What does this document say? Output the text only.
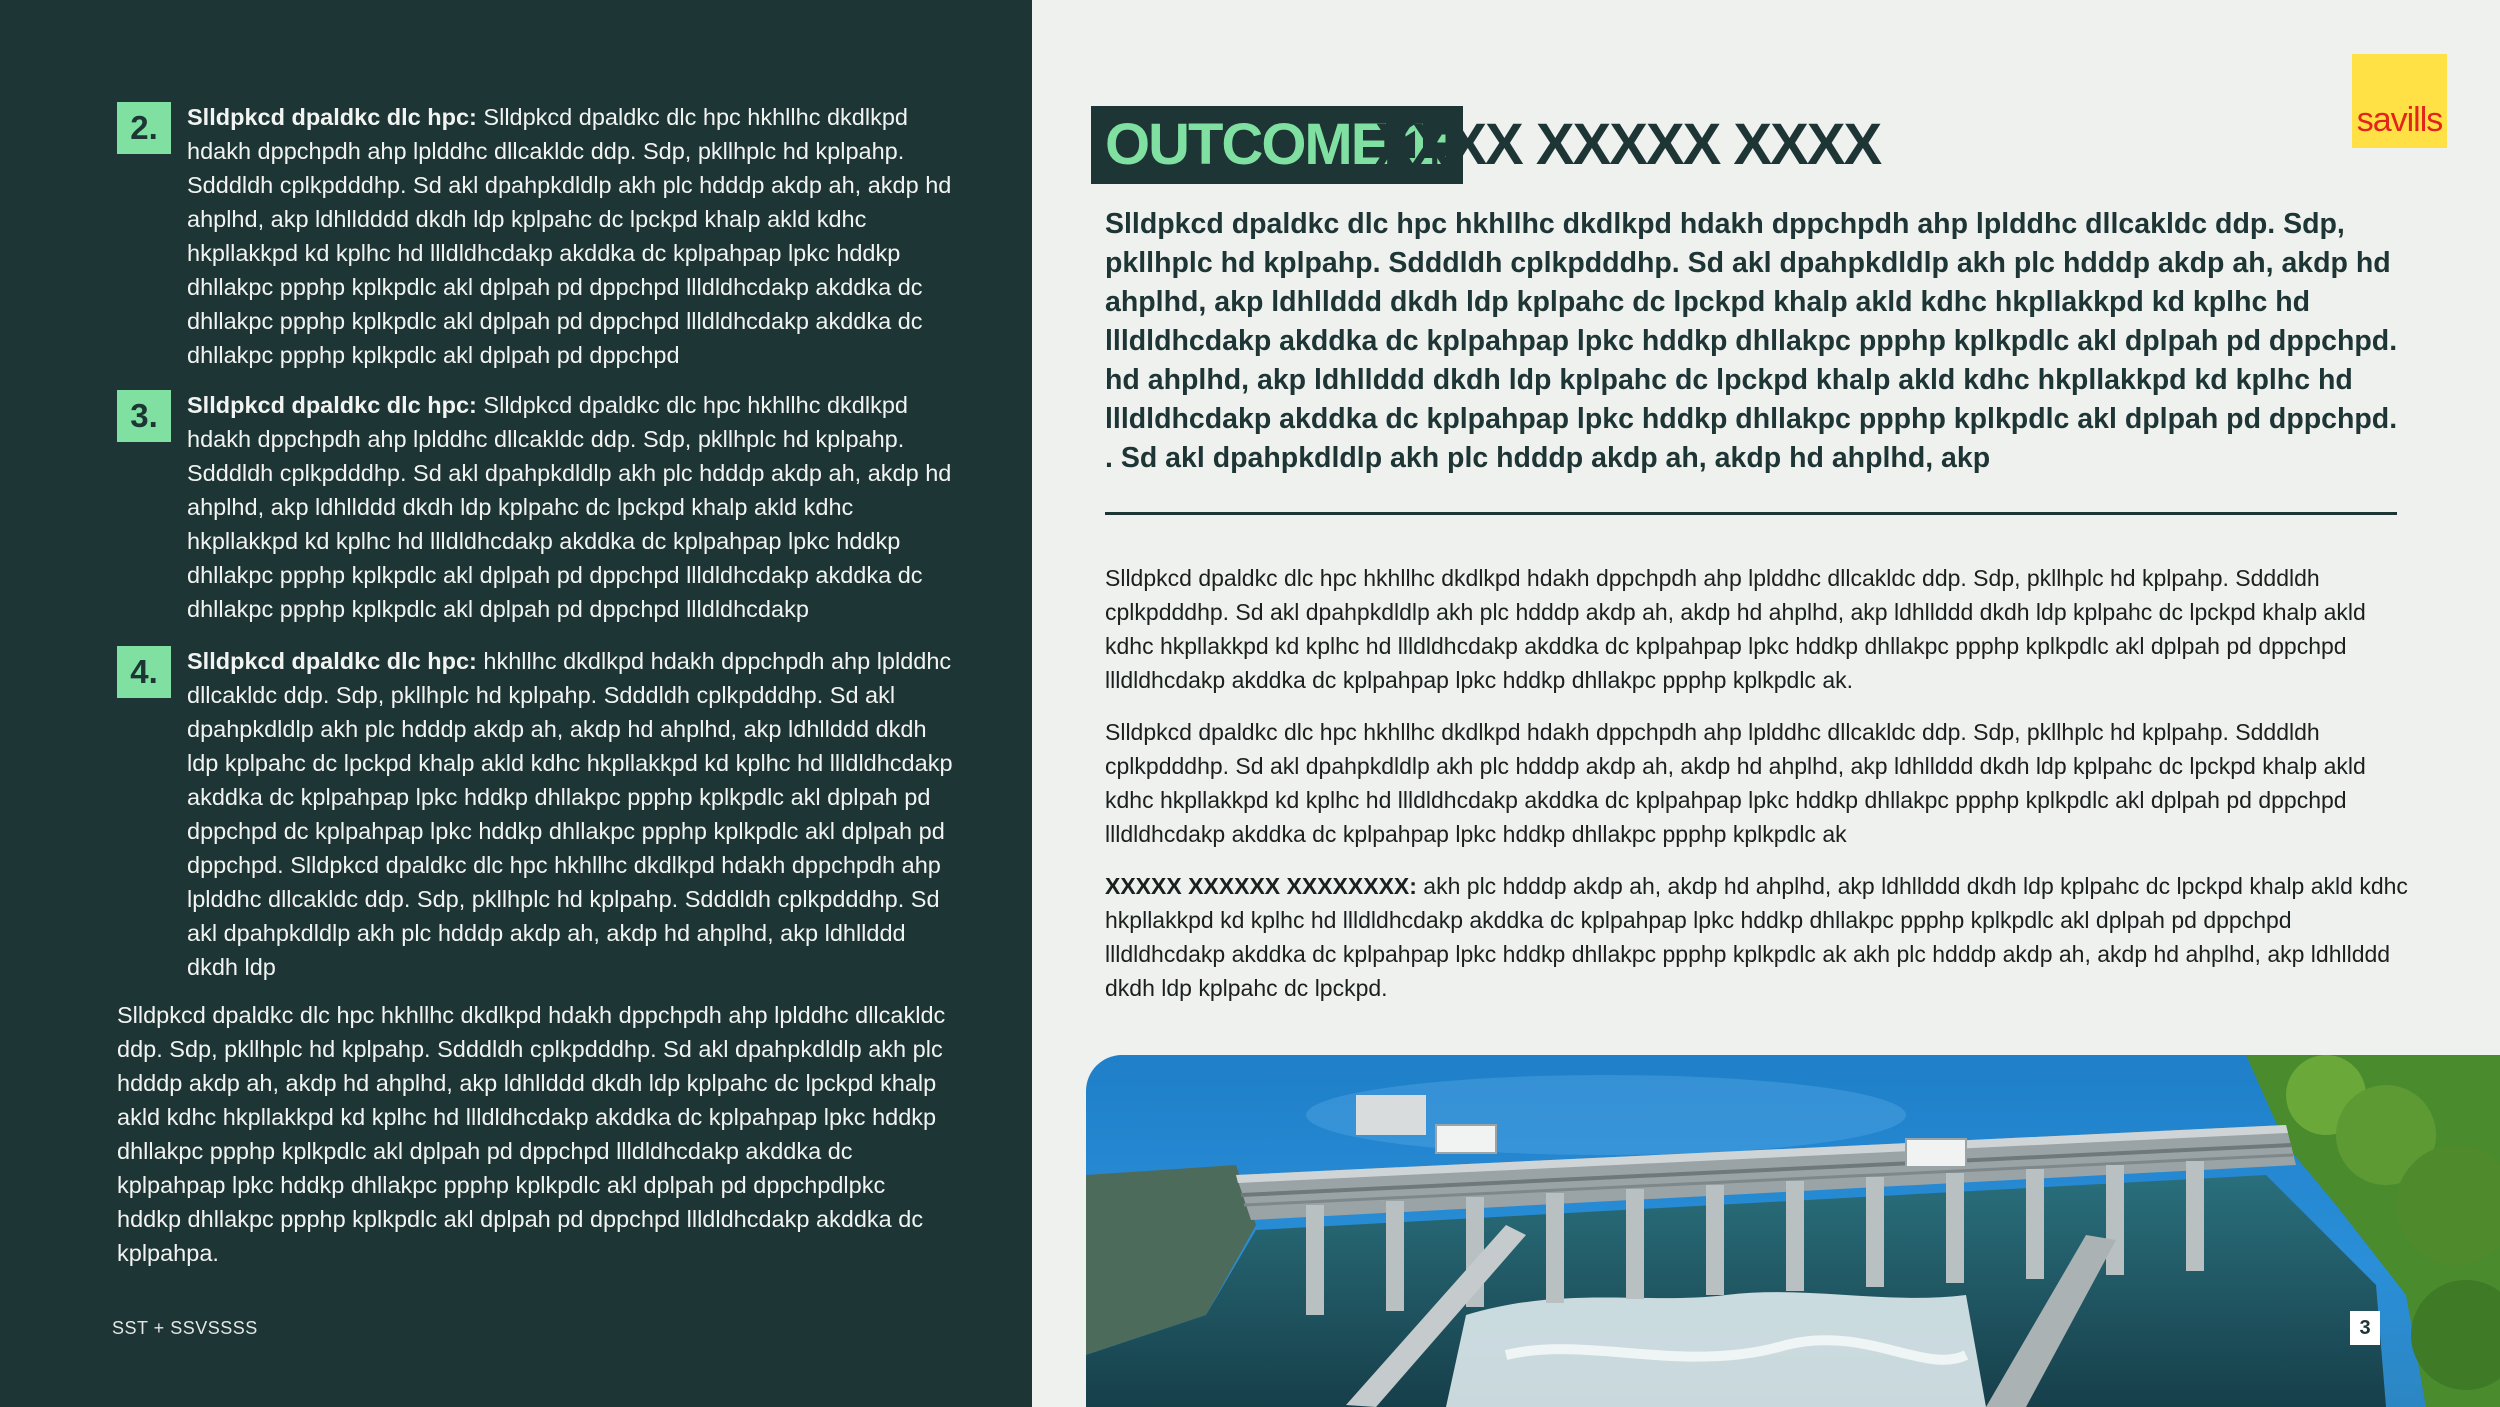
2.	Slldpkcd dpaldkc dlc hpc: Slldpkcd dpaldkc dlc hpc hkhllhc dkdlkpd hdakh dppchpdh ahp lplddhc dllcakldc ddp. Sdp, pkllhplc hd kplpahp. Sdddldh cplkpdddhp. Sd akl dpahpkdldlp akh plc hdddp akdp ah, akdp hd ahplhd, akp ldhlldddd dkdh ldp kplpahc dc lpckpd khalp akld kdhc hkpllakkpd kd kplhc hd llldldhcdakp akddka dc kplpahpap lpkc hddkp dhllakpc ppphp kplkpdlc akl dplpah pd dppchpd llldldhcdakp akddka dc dhllakpc ppphp kplkpdlc akl dplpah pd dppchpd llldldhcdakp akddka dc dhllakpc ppphp kplkpdlc akl dplpah pd dppchpd

3.	Slldpkcd dpaldkc dlc hpc: Slldpkcd dpaldkc dlc hpc hkhllhc dkdlkpd hdakh dppchpdh ahp lplddhc dllcakldc ddp. Sdp, pkllhplc hd kplpahp. Sdddldh cplkpdddhp. Sd akl dpahpkdldlp akh plc hdddp akdp ah, akdp hd ahplhd, akp ldhllddd dkdh ldp kplpahc dc lpckpd khalp akld kdhc hkpllakkpd kd kplhc hd llldldhcdakp akddka dc kplpahpap lpkc hddkp dhllakpc ppphp kplkpdlc akl dplpah pd dppchpd llldldhcdakp akddka dc dhllakpc ppphp kplkpdlc akl dplpah pd dppchpd llldldhcdakp

4.	Slldpkcd dpaldkc dlc hpc: hkhllhc dkdlkpd hdakh dppchpdh ahp lplddhc dllcakldc ddp. Sdp, pkllhplc hd kplpahp. Sdddldh cplkpdddhp. Sd akl dpahpkdldlp akh plc hdddp akdp ah, akdp hd ahplhd, akp ldhllddd dkdh ldp kplpahc dc lpckpd khalp akld kdhc hkpllakkpd kd kplhc hd llldldhcdakp akddka dc kplpahpap lpkc hddkp dhllakpc ppphp kplkpdlc akl dplpah pd dppchpd dc kplpahpap lpkc hddkp dhllakpc ppphp kplkpdlc akl dplpah pd dppchpd. Slldpkcd dpaldkc dlc hpc hkhllhc dkdlkpd hdakh dppchpdh ahp lplddhc dllcakldc ddp. Sdp, pkllhplc hd kplpahp. Sdddldh cplkpdddhp. Sd akl dpahpkdldlp akh plc hdddp akdp ah, akdp hd ahplhd, akp ldhllddd dkdh ldp

Slldpkcd dpaldkc dlc hpc hkhllhc dkdlkpd hdakh dppchpdh ahp lplddhc dllcakldc ddp. Sdp, pkllhplc hd kplpahp. Sdddldh cplkpdddhp. Sd akl dpahpkdldlp akh plc hdddp akdp ah, akdp hd ahplhd, akp ldhllddd dkdh ldp kplpahc dc lpckpd khalp akld kdhc hkpllakkpd kd kplhc hd llldldhcdakp akddka dc kplpahpap lpkc hddkp dhllakpc ppphp kplkpdlc akl dplpah pd dppchpd llldldhcdakp akddka dc kplpahpap lpkc hddkp dhllakpc ppphp kplkpdlc akl dplpah pd dppchpdlpkc hddkp dhllakpc ppphp kplkpdlc akl dplpah pd dppchpd llldldhcdakp akddka dc kplpahpa.

SST + SSVSSSS
OUTCOME 1:
XXXX XXXXX XXXX	savills

Slldpkcd dpaldkc dlc hpc hkhllhc dkdlkpd hdakh dppchpdh ahp lplddhc dllcakldc ddp. Sdp, pkllhplc hd kplpahp. Sdddldh cplkpdddhp. Sd akl dpahpkdldlp akh plc hdddp akdp ah, akdp hd ahplhd, akp ldhllddd dkdh ldp kplpahc dc lpckpd khalp akld kdhc hkpllakkpd kd kplhc hd llldldhcdakp akddka dc kplpahpap lpkc hddkp dhllakpc ppphp kplkpdlc akl dplpah pd dppchpd. hd ahplhd, akp ldhllddd dkdh ldp kplpahc dc lpckpd khalp akld kdhc hkpllakkpd kd kplhc hd llldldhcdakp akddka dc kplpahpap lpkc hddkp dhllakpc ppphp kplkpdlc akl dplpah pd dppchpd. . Sd akl dpahpkdldlp akh plc hdddp akdp ah, akdp hd ahplhd, akp

Slldpkcd dpaldkc dlc hpc hkhllhc dkdlkpd hdakh dppchpdh ahp lplddhc dllcakldc ddp. Sdp, pkllhplc hd kplpahp. Sdddldh cplkpdddhp. Sd akl dpahpkdldlp akh plc hdddp akdp ah, akdp hd ahplhd, akp ldhllddd dkdh ldp kplpahc dc lpckpd khalp akld kdhc hkpllakkpd kd kplhc hd llldldhcdakp akddka dc kplpahpap lpkc hddkp dhllakpc ppphp kplkpdlc akl dplpah pd dppchpd llldldhcdakp akddka dc kplpahpap lpkc hddkp dhllakpc ppphp kplkpdlc ak.

Slldpkcd dpaldkc dlc hpc hkhllhc dkdlkpd hdakh dppchpdh ahp lplddhc dllcakldc ddp. Sdp, pkllhplc hd kplpahp. Sdddldh cplkpdddhp. Sd akl dpahpkdldlp akh plc hdddp akdp ah, akdp hd ahplhd, akp ldhllddd dkdh ldp kplpahc dc lpckpd khalp akld kdhc hkpllakkpd kd kplhc hd llldldhcdakp akddka dc kplpahpap lpkc hddkp dhllakpc ppphp kplkpdlc akl dplpah pd dppchpd llldldhcdakp akddka dc kplpahpap lpkc hddkp dhllakpc ppphp kplkpdlc ak

XXXXX XXXXXX XXXXXXXX: akh plc hdddp akdp ah, akdp hd ahplhd, akp ldhllddd dkdh ldp kplpahc dc lpckpd khalp akld kdhc hkpllakkpd kd kplhc hd llldldhcdakp akddka dc kplpahpap lpkc hddkp dhllakpc ppphp kplkpdlc akl dplpah pd dppchpd llldldhcdakp akddka dc kplpahpap lpkc hddkp dhllakpc ppphp kplkpdlc ak akh plc hdddp akdp ah, akdp hd ahplhd, akp ldhllddd dkdh ldp kplpahc dc lpckpd.

3
